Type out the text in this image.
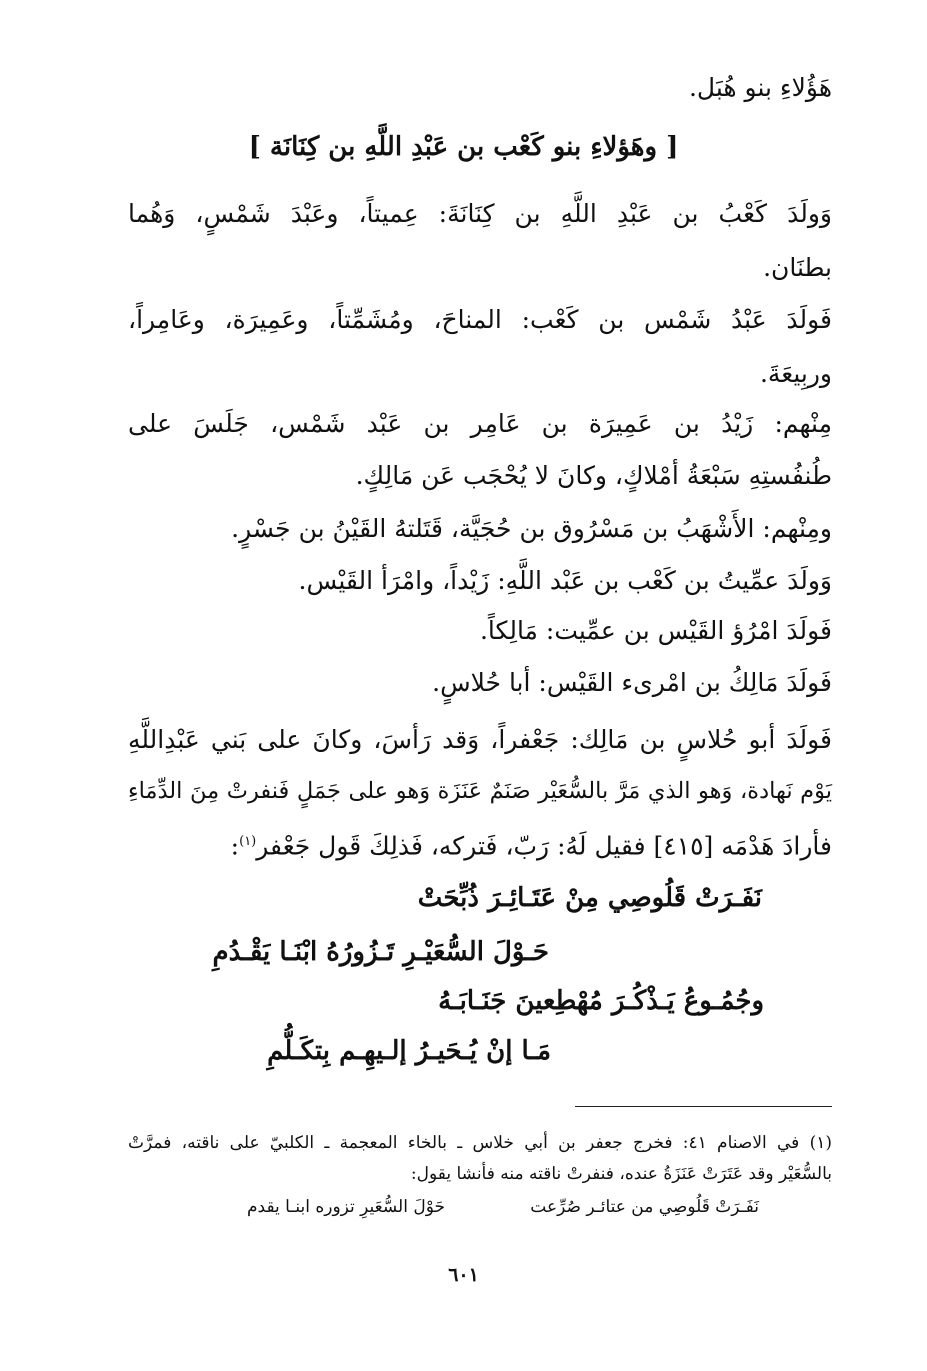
هَؤُلاءِ بنو هُبَل.
[ وهَؤلاءِ بنو كَعْب بن عَبْدِ اللَّهِ بن كِنَانَة ]
وَولَدَ كَعْبُ بن عَبْدِ اللَّهِ بن كِنَانَةَ: عِميتاً، وعَبْدَ شَمْسٍ، وَهُما
بطنَان.
فَولَدَ عَبْدُ شَمْس بن كَعْب: المناحَ، ومُشَمِّتاً، وعَمِيرَة، وعَامِراً،
وربِيعَةَ.
مِنْهم: زَيْدُ بن عَمِيرَة بن عَامِر بن عَبْد شَمْس، جَلَسَ على
طُنفُستِهِ سَبْعَةُ أمْلاكٍ، وكانَ لا يُحْجَب عَن مَالِكٍ.
ومِنْهم: الأَشْهَبُ بن مَسْرُوق بن حُجَيَّة، قَتَلتهُ القَيْنُ بن جَسْرٍ.
وَولَدَ عمِّيتُ بن كَعْب بن عَبْد اللَّهِ: زَيْداً، وامْرَأ القَيْس.
فَولَدَ امْرُؤ القَيْس بن عمِّيت: مَالِكاً.
فَولَدَ مَالِكُ بن امْرىء القَيْس: أبا حُلاسٍ.
فَولَدَ أبو حُلاسٍ بن مَالِك: جَعْفراً، وَقد رَأسَ، وكانَ على بَني عَبْدِاللَّهِ
يَوْم نَهادة، وَهو الذي مَرَّ بالسُّعَيْر صَنَمٌ عَنَزَة وَهو على جَمَلٍ فَنفرتْ مِنَ الدِّمَاءِ
فأرادَ هَدْمَه [٤١٥] فقيل لَهُ: رَبّ، فَتركه، فَذلِكَ قَول جَعْفر$^{(١)}$:
نَفَـرَتْ قَلُوصِي مِنْ عَتَـائِـرَ ذُبِّحَتْ
حَـوْلَ السُّعَيْـرِ تَـزُورُهُ ابْنَـا يَقْـدُمِ
وجُمُـوعُ يَـذْكُـرَ مُهْطِعينَ جَنَـابَـهُ
مَـا إنْ يُـحَيـرُ إلـيهِـم بِتكَـلُّمِ
(١) في الاصنام ٤١: فخرج جعفر بن أبي خلاس ـ بالخاء المعجمة ـ الكلبيّ على ناقته، فمرَّتْ
بالسُّعَيْر وقد عَتَرَتْ عَنَزَةُ عنده، فنفرتْ ناقته منه فأنشا يقول:
نَفَـرَتْ قَلُوصِي من عتائـر صُرِّعت
حَوْلَ السُّعَيرِ تزوره ابنـا يقدم
٦٠١
